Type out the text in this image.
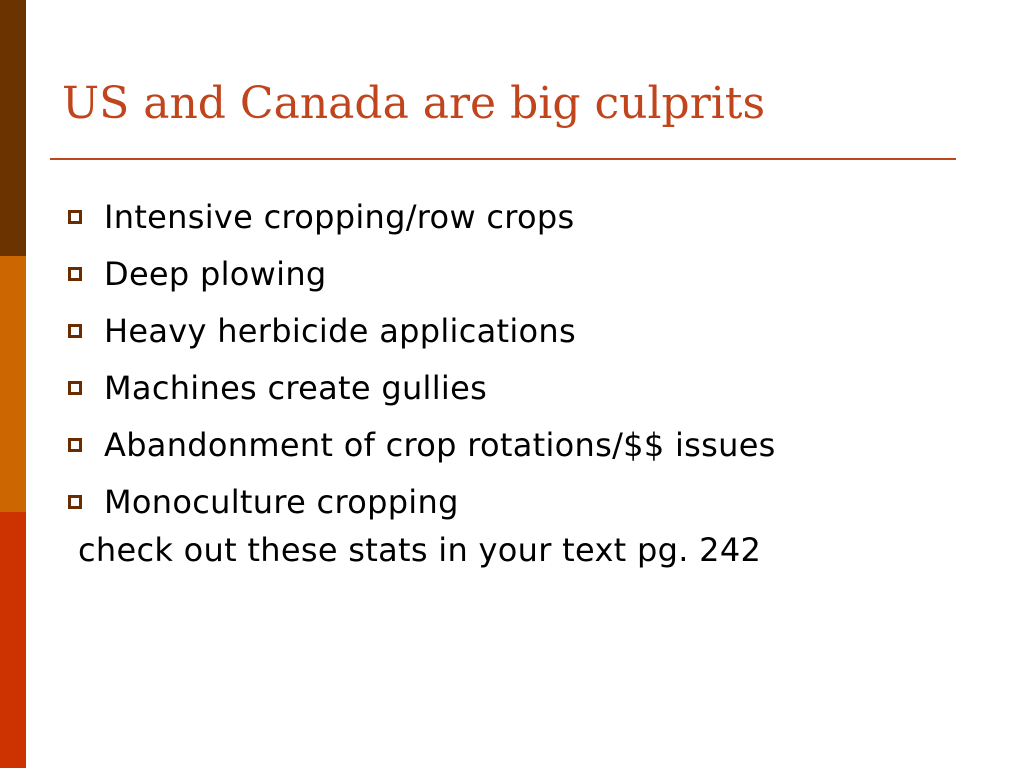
US and Canada are big culprits
Intensive cropping/row crops
Deep plowing
Heavy herbicide applications
Machines create gullies
Abandonment of crop rotations/$$ issues
Monoculture cropping
check out these stats in your text pg. 242
